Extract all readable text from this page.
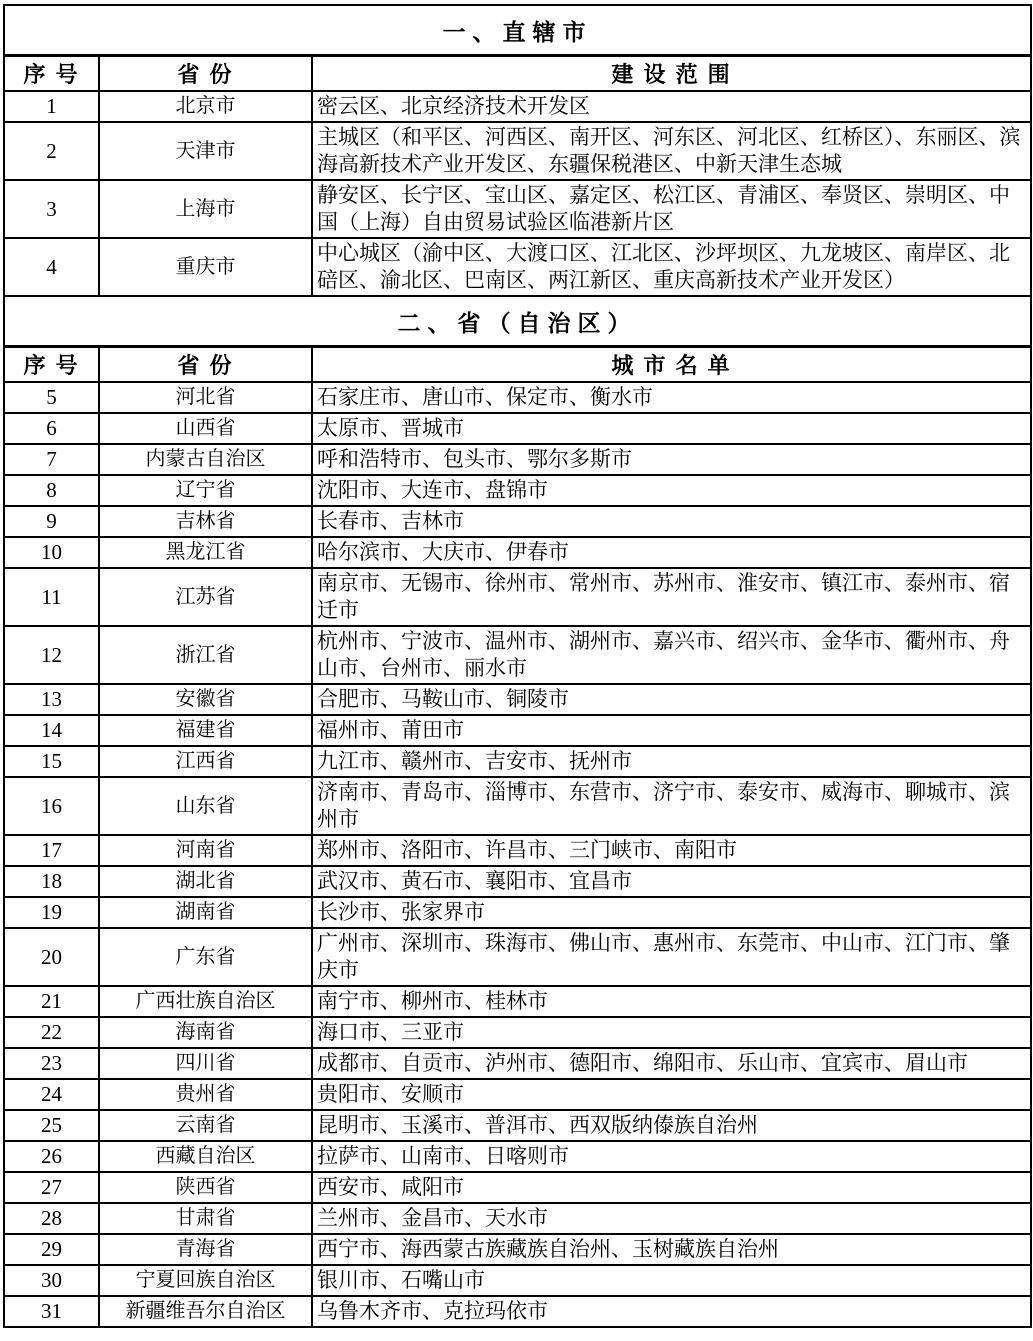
一、直辖市		
序 号	省 份	建 设 范 围
1	北京市	密云区、北京经济技术开发区
2	天津市	主城区（和平区、河西区、南开区、河东区、河北区、红桥区）、东丽区、滨海高新技术产业开发区、东疆保税港区、中新天津生态城
3	上海市	静安区、长宁区、宝山区、嘉定区、松江区、青浦区、奉贤区、崇明区、中国（上海）自由贸易试验区临港新片区
4	重庆市	中心城区（渝中区、大渡口区、江北区、沙坪坝区、九龙坡区、南岸区、北碚区、渝北区、巴南区、两江新区、重庆高新技术产业开发区）
二、省（自治区）		
序 号	省 份	城 市 名 单
5	河北省	石家庄市、唐山市、保定市、衡水市
6	山西省	太原市、晋城市
7	内蒙古自治区	呼和浩特市、包头市、鄂尔多斯市
8	辽宁省	沈阳市、大连市、盘锦市
9	吉林省	长春市、吉林市
10	黑龙江省	哈尔滨市、大庆市、伊春市
11	江苏省	南京市、无锡市、徐州市、常州市、苏州市、淮安市、镇江市、泰州市、宿迁市
12	浙江省	杭州市、宁波市、温州市、湖州市、嘉兴市、绍兴市、金华市、衢州市、舟山市、台州市、丽水市
13	安徽省	合肥市、马鞍山市、铜陵市
14	福建省	福州市、莆田市
15	江西省	九江市、赣州市、吉安市、抚州市
16	山东省	济南市、青岛市、淄博市、东营市、济宁市、泰安市、威海市、聊城市、滨州市
17	河南省	郑州市、洛阳市、许昌市、三门峡市、南阳市
18	湖北省	武汉市、黄石市、襄阳市、宜昌市
19	湖南省	长沙市、张家界市
20	广东省	广州市、深圳市、珠海市、佛山市、惠州市、东莞市、中山市、江门市、肇庆市
21	广西壮族自治区	南宁市、柳州市、桂林市
22	海南省	海口市、三亚市
23	四川省	成都市、自贡市、泸州市、德阳市、绵阳市、乐山市、宜宾市、眉山市
24	贵州省	贵阳市、安顺市
25	云南省	昆明市、玉溪市、普洱市、西双版纳傣族自治州
26	西藏自治区	拉萨市、山南市、日喀则市
27	陕西省	西安市、咸阳市
28	甘肃省	兰州市、金昌市、天水市
29	青海省	西宁市、海西蒙古族藏族自治州、玉树藏族自治州
30	宁夏回族自治区	银川市、石嘴山市
31	新疆维吾尔自治区	乌鲁木齐市、克拉玛依市
